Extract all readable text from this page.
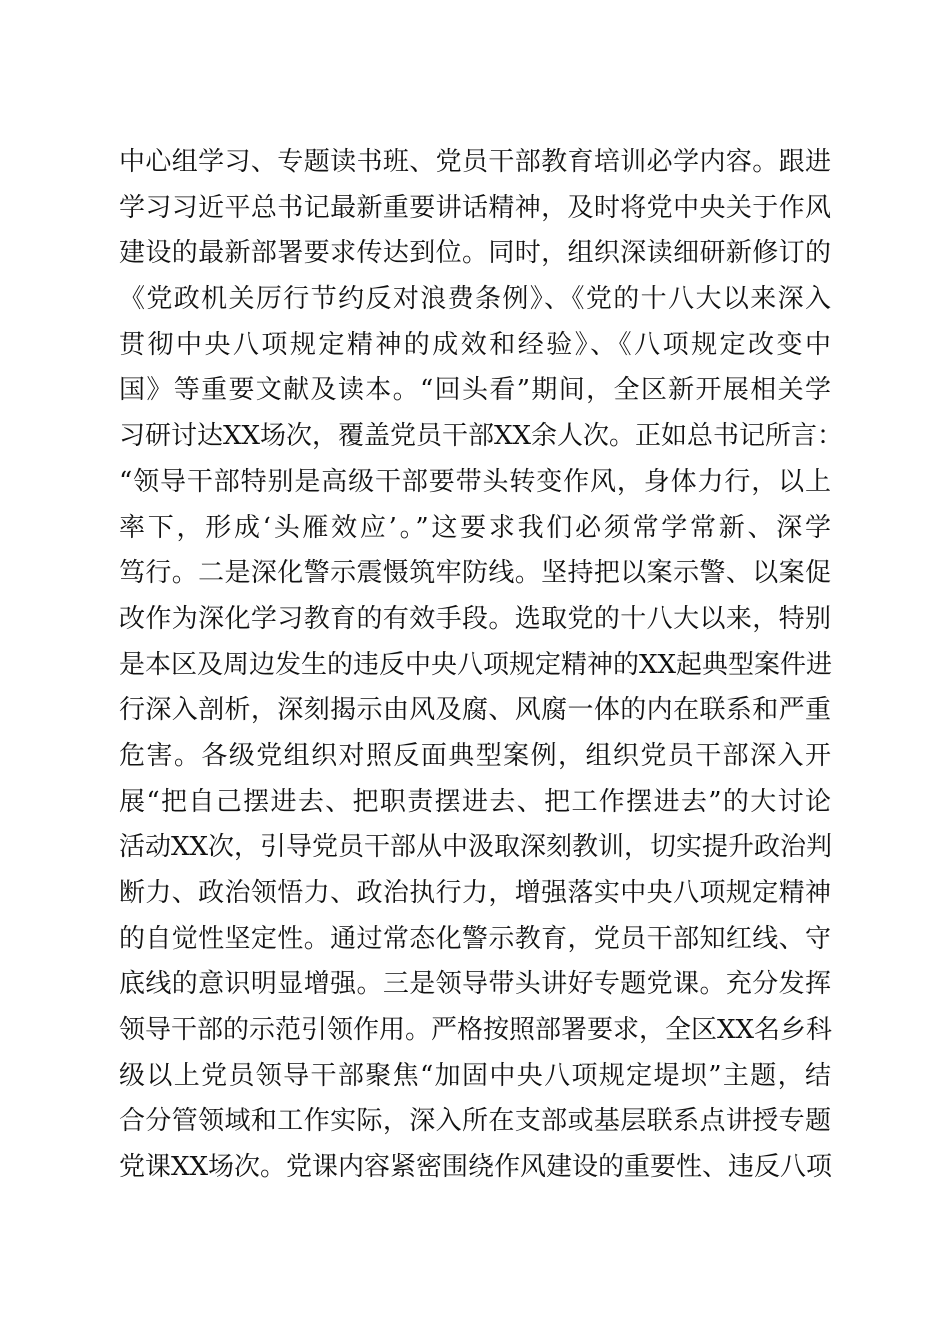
中心组学习、专题读书班、党员干部教育培训必学内容。跟进
学习习近平总书记最新重要讲话精神，及时将党中央关于作风
建设的最新部署要求传达到位。同时，组织深读细研新修订的
《党政机关厉行节约反对浪费条例》、《党的十八大以来深入
贯彻中央八项规定精神的成效和经验》、《八项规定改变中
国》等重要文献及读本。“回头看”期间，全区新开展相关学
习研讨达XX场次，覆盖党员干部XX余人次。正如总书记所言：
“领导干部特别是高级干部要带头转变作风，身体力行，以上
率下，形成‘头雁效应’。”这要求我们必须常学常新、深学
笃行。二是深化警示震慑筑牢防线。坚持把以案示警、以案促
改作为深化学习教育的有效手段。选取党的十八大以来，特别
是本区及周边发生的违反中央八项规定精神的XX起典型案件进
行深入剖析，深刻揭示由风及腐、风腐一体的内在联系和严重
危害。各级党组织对照反面典型案例，组织党员干部深入开
展“把自己摆进去、把职责摆进去、把工作摆进去”的大讨论
活动XX次，引导党员干部从中汲取深刻教训，切实提升政治判
断力、政治领悟力、政治执行力，增强落实中央八项规定精神
的自觉性坚定性。通过常态化警示教育，党员干部知红线、守
底线的意识明显增强。三是领导带头讲好专题党课。充分发挥
领导干部的示范引领作用。严格按照部署要求，全区XX名乡科
级以上党员领导干部聚焦“加固中央八项规定堤坝”主题，结
合分管领域和工作实际，深入所在支部或基层联系点讲授专题
党课XX场次。党课内容紧密围绕作风建设的重要性、违反八项
